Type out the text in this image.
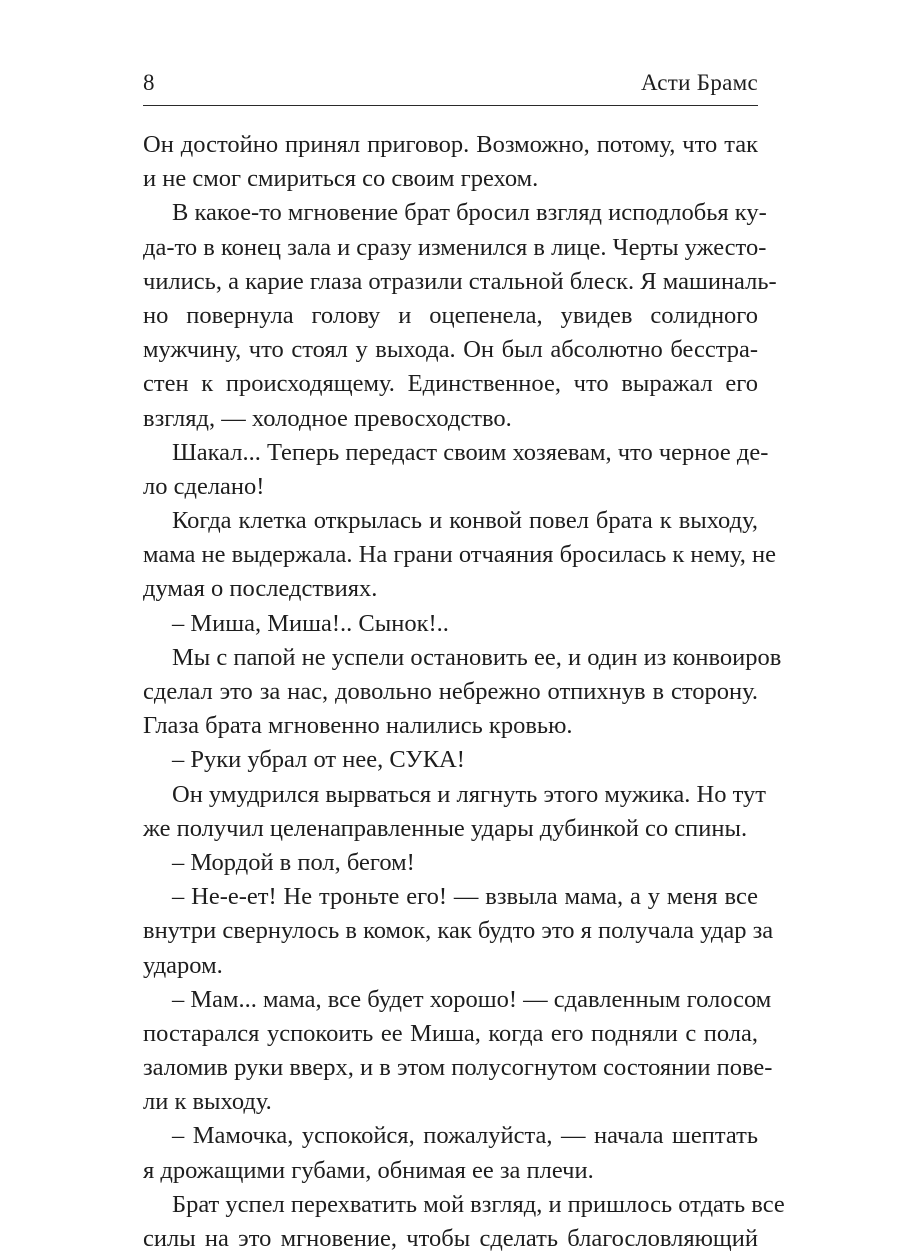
8	Асти Брамс
Он достойно принял приговор. Возможно, потому, что так
и не смог смириться со своим грехом.
В какое-то мгновение брат бросил взгляд исподлобья ку-
да-то в конец зала и сразу изменился в лице. Черты ужесто-
чились, а карие глаза отразили стальной блеск. Я машиналь-
но повернула голову и оцепенела, увидев солидного
мужчину, что стоял у выхода. Он был абсолютно бесстра-
стен к происходящему. Единственное, что выражал его
взгляд, — холодное превосходство.
Шакал... Теперь передаст своим хозяевам, что черное де-
ло сделано!
Когда клетка открылась и конвой повел брата к выходу,
мама не выдержала. На грани отчаяния бросилась к нему, не
думая о последствиях.
– Миша, Миша!.. Сынок!..
Мы с папой не успели остановить ее, и один из конвоиров
сделал это за нас, довольно небрежно отпихнув в сторону.
Глаза брата мгновенно налились кровью.
– Руки убрал от нее, СУКА!
Он умудрился вырваться и лягнуть этого мужика. Но тут
же получил целенаправленные удары дубинкой со спины.
– Мордой в пол, бегом!
– Не-е-ет! Не троньте его! — взвыла мама, а у меня все
внутри свернулось в комок, как будто это я получала удар за
ударом.
– Мам... мама, все будет хорошо! — сдавленным голосом
постарался успокоить ее Миша, когда его подняли с пола,
заломив руки вверх, и в этом полусогнутом состоянии пове-
ли к выходу.
– Мамочка, успокойся, пожалуйста, — начала шептать
я дрожащими губами, обнимая ее за плечи.
Брат успел перехватить мой взгляд, и пришлось отдать все
силы на это мгновение, чтобы сделать благословляющий
